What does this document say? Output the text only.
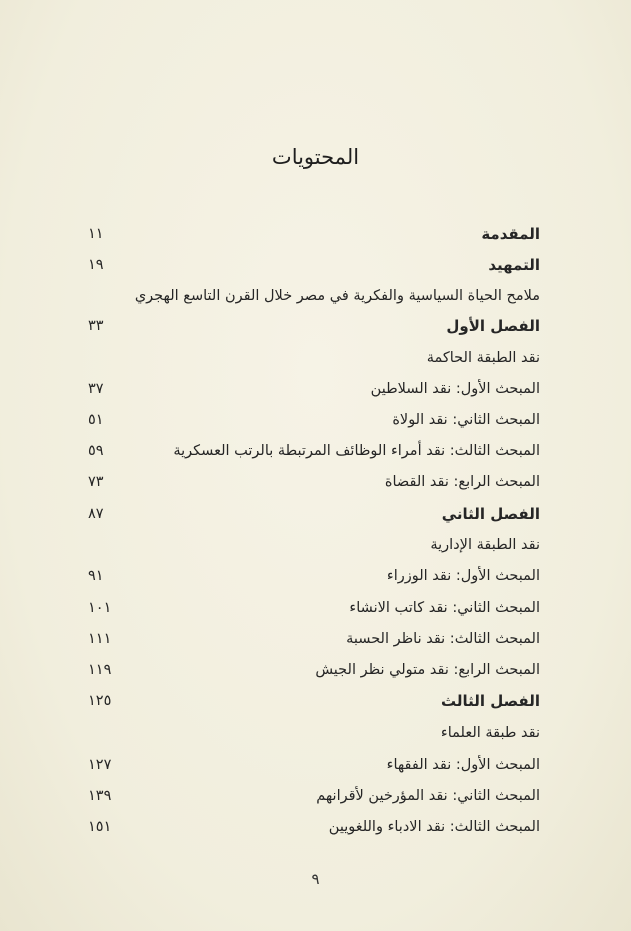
المحتويات
المقدمة
١١
التمهيد
١٩
ملامح الحياة السياسية والفكرية في مصر خلال القرن التاسع الهجري
الفصل الأول
٣٣
نقد الطبقة الحاكمة
المبحث الأول: نقد السلاطين
٣٧
المبحث الثاني: نقد الولاة
٥١
المبحث الثالث: نقد أمراء الوظائف المرتبطة بالرتب العسكرية
٥٩
المبحث الرابع: نقد القضاة
٧٣
الفصل الثاني
٨٧
نقد الطبقة الإدارية
المبحث الأول: نقد الوزراء
٩١
المبحث الثاني: نقد كاتب الانشاء
١٠١
المبحث الثالث: نقد ناظر الحسبة
١١١
المبحث الرابع: نقد متولي نظر الجيش
١١٩
الفصل الثالث
١٢٥
نقد طبقة العلماء
المبحث الأول: نقد الفقهاء
١٢٧
المبحث الثاني: نقد المؤرخين لأقرانهم
١٣٩
المبحث الثالث: نقد الادباء واللغويين
١٥١
٩
